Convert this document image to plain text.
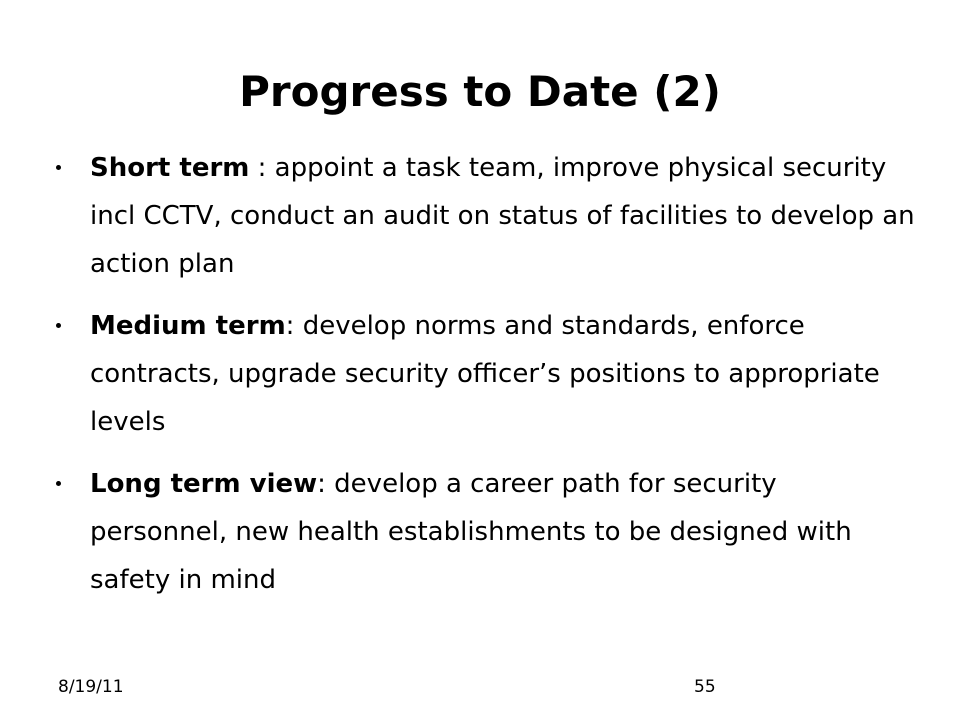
Progress to Date (2)
Short term : appoint a task team, improve physical security incl CCTV, conduct an audit on status of facilities to develop an action plan
Medium term: develop norms and standards, enforce contracts, upgrade security officer’s positions to appropriate levels
Long term view: develop a career path for security personnel, new health establishments to be designed with safety in mind
8/19/11	55
